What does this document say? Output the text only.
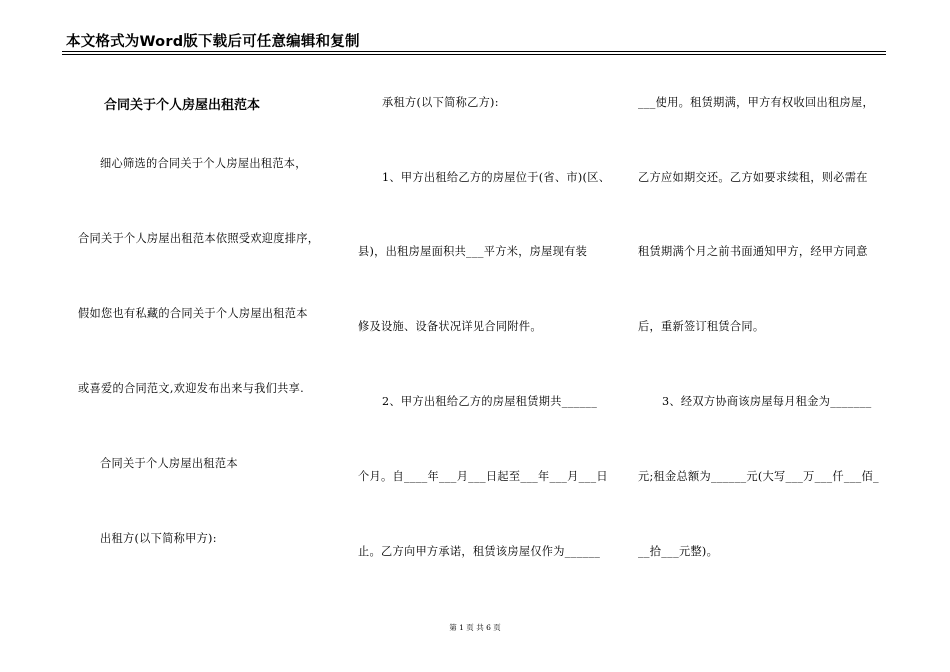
本文格式为Word版下载后可任意编辑和复制
合同关于个人房屋出租范本
细心筛选的合同关于个人房屋出租范本，
合同关于个人房屋出租范本依照受欢迎度排序，
假如您也有私藏的合同关于个人房屋出租范本
或喜爱的合同范文,欢迎发布出来与我们共享.
合同关于个人房屋出租范本
出租方(以下简称甲方):
承租方(以下简称乙方):
1、甲方出租给乙方的房屋位于(省、市)(区、
县)，出租房屋面积共___平方米，房屋现有装
修及设施、设备状况详见合同附件。
2、甲方出租给乙方的房屋租赁期共______
个月。自____年___月___日起至___年___月___日
止。乙方向甲方承诺，租赁该房屋仅作为______
___使用。租赁期满，甲方有权收回出租房屋，
乙方应如期交还。乙方如要求续租，则必需在
租赁期满个月之前书面通知甲方，经甲方同意
后，重新签订租赁合同。
3、经双方协商该房屋每月租金为_______
元;租金总额为______元(大写___万___仟___佰_
__拾___元整)。
第 1 页 共 6 页
